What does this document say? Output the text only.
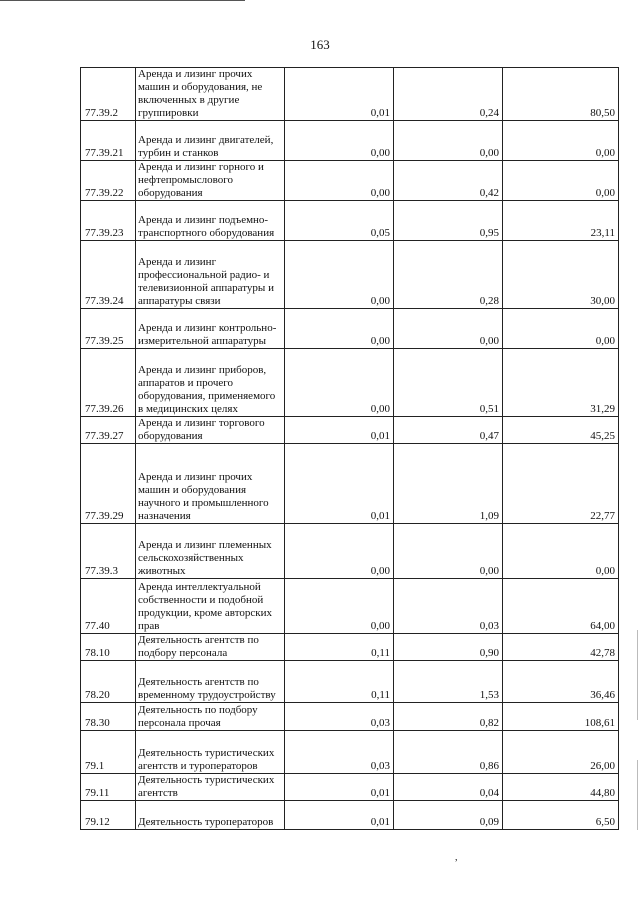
163
77.39.2	Аренда и лизинг прочих машин и оборудования, не включенных в другие группировки	0,01	0,24	80,50
77.39.21	Аренда и лизинг двигателей, турбин и станков	0,00	0,00	0,00
77.39.22	Аренда и лизинг горного и нефтепромыслового оборудования	0,00	0,42	0,00
77.39.23	Аренда и лизинг подъемно-транспортного оборудования	0,05	0,95	23,11
77.39.24	Аренда и лизинг профессиональной радио- и телевизионной аппаратуры и аппаратуры связи	0,00	0,28	30,00
77.39.25	Аренда и лизинг контрольно-измерительной аппаратуры	0,00	0,00	0,00
77.39.26	Аренда и лизинг приборов, аппаратов и прочего оборудования, применяемого в медицинских целях	0,00	0,51	31,29
77.39.27	Аренда и лизинг торгового оборудования	0,01	0,47	45,25
77.39.29	Аренда и лизинг прочих машин и оборудования научного и промышленного назначения	0,01	1,09	22,77
77.39.3	Аренда и лизинг племенных сельскохозяйственных животных	0,00	0,00	0,00
77.40	Аренда интеллектуальной собственности и подобной продукции, кроме авторских прав	0,00	0,03	64,00
78.10	Деятельность агентств по подбору персонала	0,11	0,90	42,78
78.20	Деятельность агентств по временному трудоустройству	0,11	1,53	36,46
78.30	Деятельность по подбору персонала прочая	0,03	0,82	108,61
79.1	Деятельность туристических агентств и туроператоров	0,03	0,86	26,00
79.11	Деятельность туристических агентств	0,01	0,04	44,80
79.12	Деятельность туроператоров	0,01	0,09	6,50
,
